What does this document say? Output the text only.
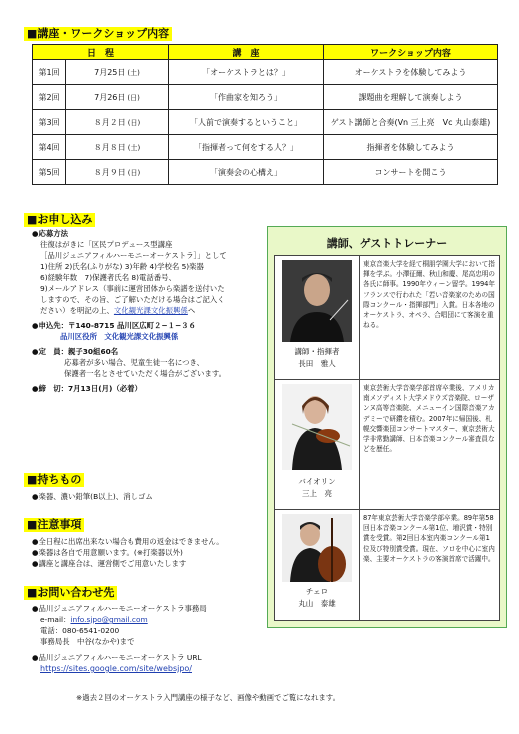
■講座・ワークショップ内容
日　程		講　座	ワークショップ内容
第1回	7月25日 (土)	「オーケストラとは？」	オーケストラを体験してみよう
第2回	7月26日 (日)	「作曲家を知ろう」	課題曲を理解して演奏しよう
第3回	８月２日 (日)	「人前で演奏するということ」	ゲスト講師と合奏(Vn 三上亮　Vc 丸山泰雄)
第4回	８月８日 (土)	「指揮者って何をする人？」	指揮者を体験してみよう
第5回	８月９日 (日)	「演奏会の心構え」	コンサートを開こう
■お申し込み
●応募方法
往復はがきに「区民プロデュース型講座
［品川ジュニアフィルハーモニーオーケストラ］」として
1)住所 2)氏名(ふりがな) 3)年齢 4)学校名 5)楽器
6)経験年数　7)保護者氏名 8)電話番号、
9)メールアドレス（事前に運営団体から楽譜を送付いた
しますので、その旨、ご了解いただける場合はご記入く
ださい）を明記の上、文化観光課文化振興係へ
●申込先：〒140-8715 品川区広町２−１−３６
品川区役所　文化観光課文化振興係
●定　員：親子30組60名
応募者が多い場合、児童生徒一名につき、
保護者一名とさせていただく場合がございます。
●締　切：7月13日(月)（必着）
■持ちもの
●楽器、濃い鉛筆(B以上)、消しゴム
■注意事項
●全日程に出席出来ない場合も費用の返金はできません。
●楽器は各自で用意願います。(※打楽器以外)
●講座と講座合は、運営側でご用意いたします
■お問い合わせ先
●品川ジュニアフィルハーモニーオーケストラ事務局
e-mail：info.sjpo@gmail.com
電話：080-6541-0200
事務局長　中谷(なかや)まで
●品川ジュニアフィルハーモニーオーケストラ URL
https://sites.google.com/site/websjpo/
※過去２回のオーケストラ入門講座の様子など、画像や動画でご覧になれます。
講師、ゲストトレーナー
講師・指揮者
長田　雅人
東京音楽大学を経て桐朋学園大学において指揮を学ぶ。小澤征爾、秋山和慶、尾高忠明の各氏に師事。1990年ウィーン留学。1994年フランスで行われた「若い音楽家のための国際コンクール・指揮部門」入賞。日本各地のオーケストラ、オペラ、合唱団にて客演を重ねる。
バイオリン
三上　亮
東京芸術大学音楽学部首席卒業後、アメリカ南メソディスト大学メドウズ音楽院、ローザンヌ高等音楽院、メニューイン国際音楽アカデミーで研鑽を積む。2007年に帰国後、札幌交響楽団コンサートマスター、東京芸術大学非常勤講師、日本音楽コンクール審査員などを歴任。
チェロ
丸山　泰雄
87年東京芸術大学音楽学部卒業。89年第58回日本音楽コンクール第1位、増沢賞・特別賞を受賞。第2回日本室内楽コンクール第1位及び特別賞受賞。現在、ソロを中心に室内楽、主要オーケストラの客演首席で活躍中。
